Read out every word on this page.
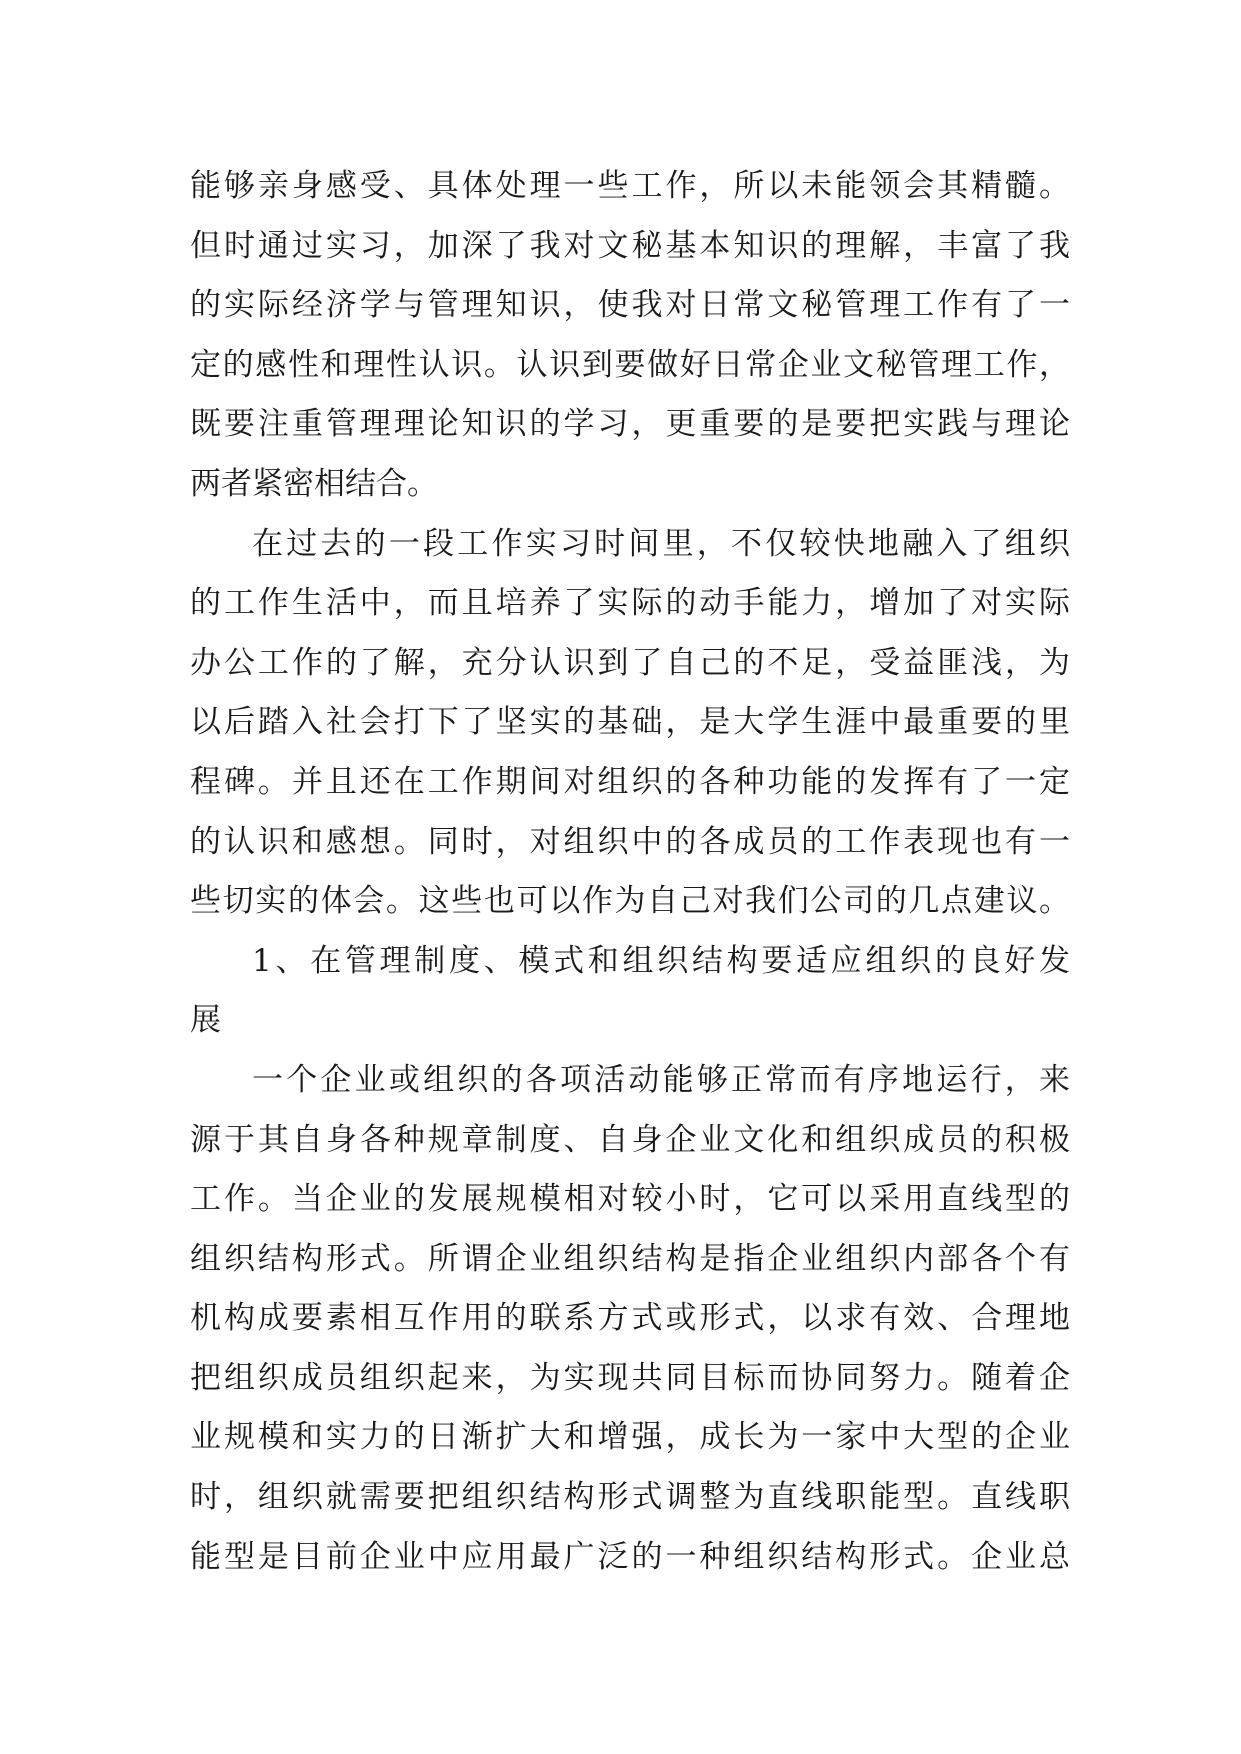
能够亲身感受、具体处理一些工作，所以未能领会其精髓。
但时通过实习，加深了我对文秘基本知识的理解，丰富了我
的实际经济学与管理知识，使我对日常文秘管理工作有了一
定的感性和理性认识。认识到要做好日常企业文秘管理工作，
既要注重管理理论知识的学习，更重要的是要把实践与理论
两者紧密相结合。
在过去的一段工作实习时间里，不仅较快地融入了组织
的工作生活中，而且培养了实际的动手能力，增加了对实际
办公工作的了解，充分认识到了自己的不足，受益匪浅，为
以后踏入社会打下了坚实的基础，是大学生涯中最重要的里
程碑。并且还在工作期间对组织的各种功能的发挥有了一定
的认识和感想。同时，对组织中的各成员的工作表现也有一
些切实的体会。这些也可以作为自己对我们公司的几点建议。
1、在管理制度、模式和组织结构要适应组织的良好发
展
一个企业或组织的各项活动能够正常而有序地运行，来
源于其自身各种规章制度、自身企业文化和组织成员的积极
工作。当企业的发展规模相对较小时，它可以采用直线型的
组织结构形式。所谓企业组织结构是指企业组织内部各个有
机构成要素相互作用的联系方式或形式，以求有效、合理地
把组织成员组织起来，为实现共同目标而协同努力。随着企
业规模和实力的日渐扩大和增强，成长为一家中大型的企业
时，组织就需要把组织结构形式调整为直线职能型。直线职
能型是目前企业中应用最广泛的一种组织结构形式。企业总
